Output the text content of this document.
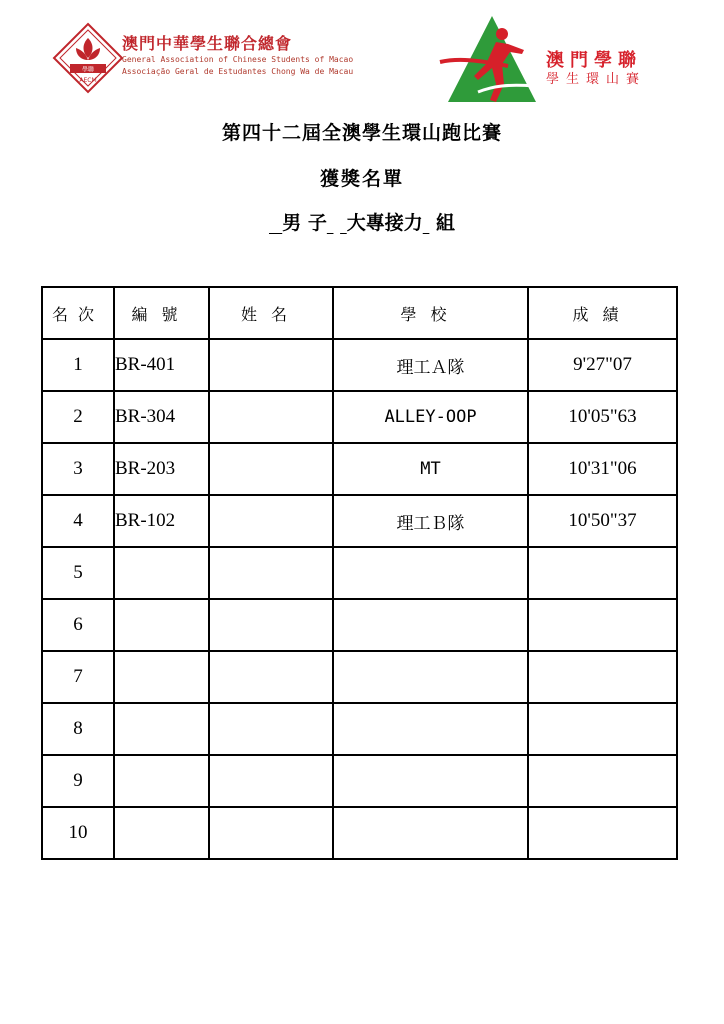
學聯
AECM
澳門中華學生聯合總會
General Association of Chinese Students of Macao
Associação Geral de Estudantes Chong Wa de Macau
澳門學聯
學生環山賽
第四十二屆全澳學生環山跑比賽
獲獎名單
男 子 大專接力 組
名次	編號	姓名	學校	成績
1	BR-401		理工Ａ隊	9'27"07
2	BR-304		ALLEY-OOP	10'05"63
3	BR-203		MT	10'31"06
4	BR-102		理工Ｂ隊	10'50"37
5				
6				
7				
8				
9				
10				
